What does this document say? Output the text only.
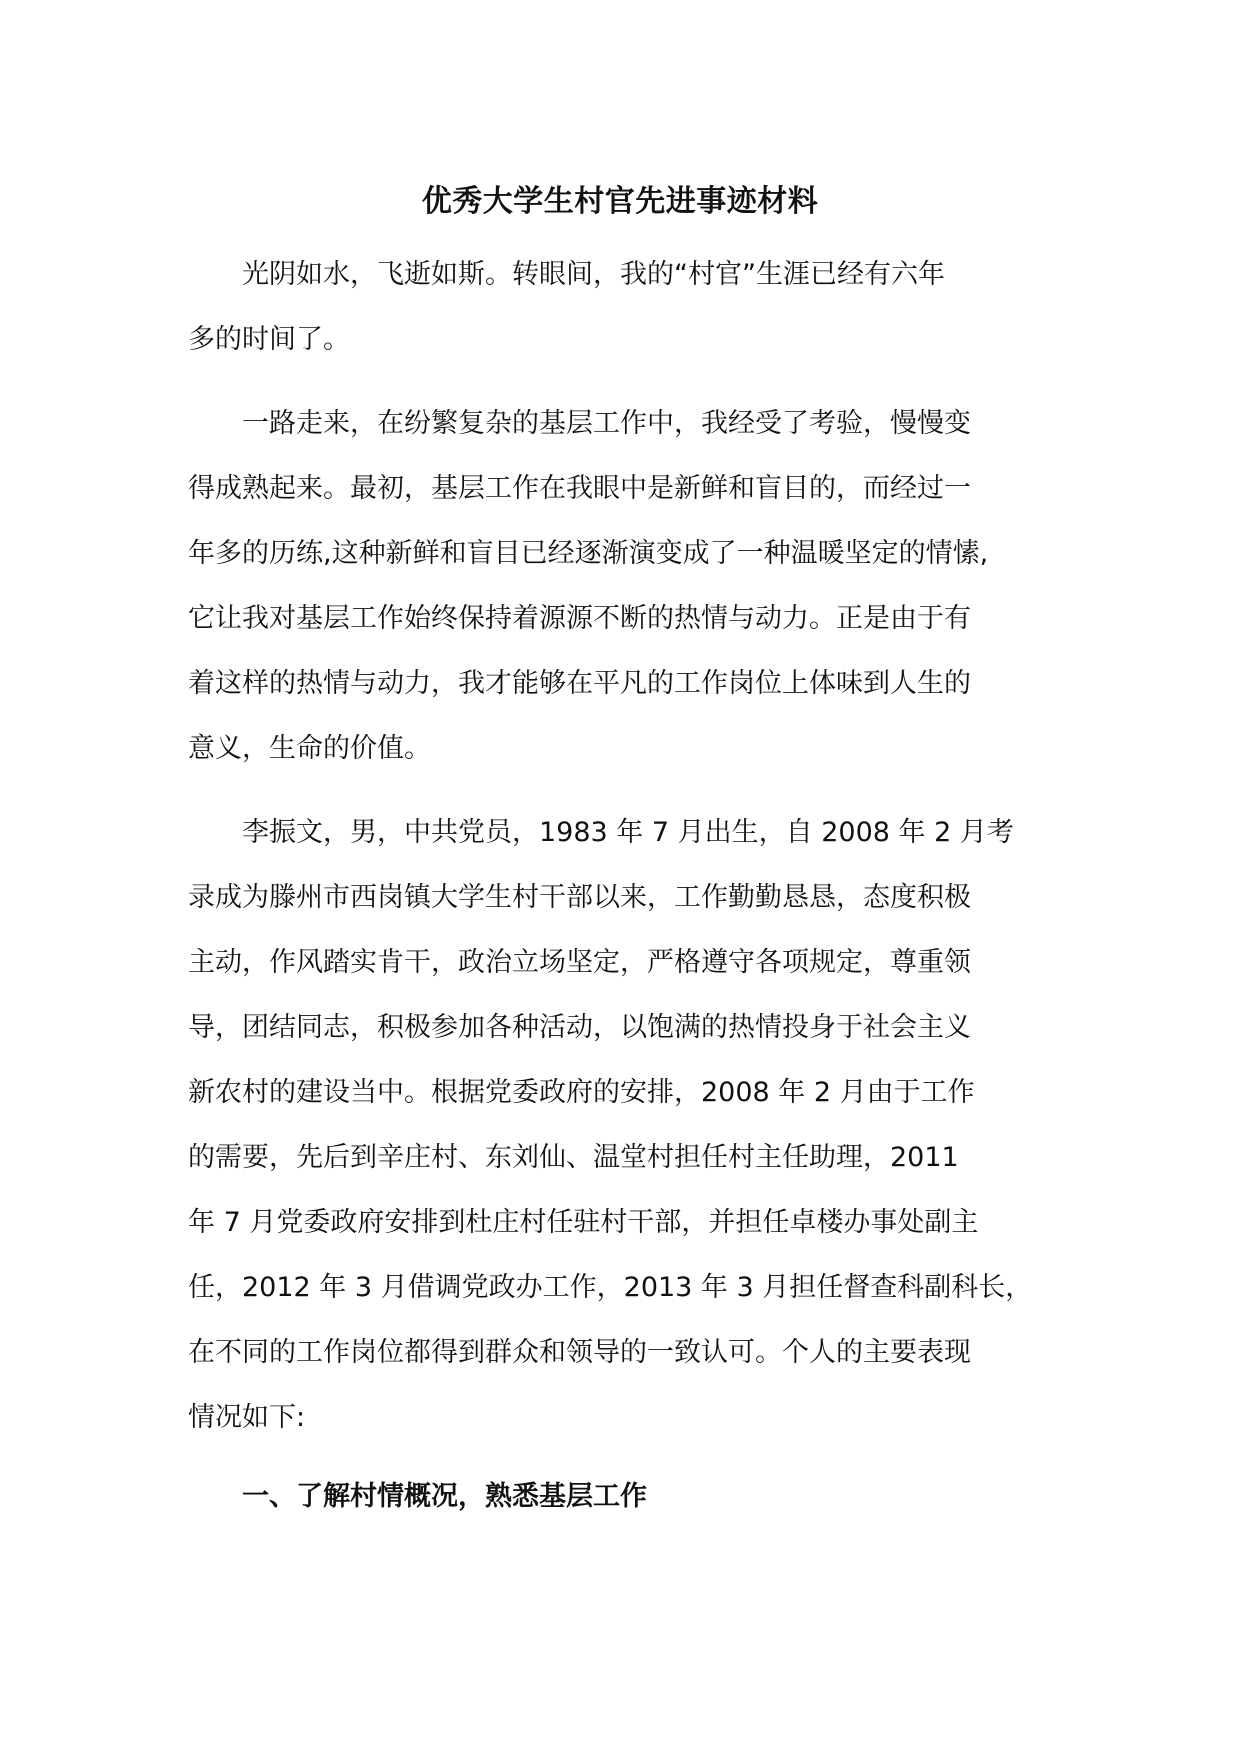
优秀大学生村官先进事迹材料
光阴如水，飞逝如斯。转眼间，我的“村官”生涯已经有六年
多的时间了。
一路走来，在纷繁复杂的基层工作中，我经受了考验，慢慢变
得成熟起来。最初，基层工作在我眼中是新鲜和盲目的，而经过一
年多的历练,这种新鲜和盲目已经逐渐演变成了一种温暖坚定的情愫,
它让我对基层工作始终保持着源源不断的热情与动力。正是由于有
着这样的热情与动力，我才能够在平凡的工作岗位上体味到人生的
意义，生命的价值。
李振文，男，中共党员，1983 年 7 月出生，自 2008 年 2 月考
录成为滕州市西岗镇大学生村干部以来，工作勤勤恳恳，态度积极
主动，作风踏实肯干，政治立场坚定，严格遵守各项规定，尊重领
导，团结同志，积极参加各种活动，以饱满的热情投身于社会主义
新农村的建设当中。根据党委政府的安排，2008 年 2 月由于工作
的需要，先后到辛庄村、东刘仙、温堂村担任村主任助理，2011
年 7 月党委政府安排到杜庄村任驻村干部，并担任卓楼办事处副主
任，2012 年 3 月借调党政办工作，2013 年 3 月担任督查科副科长，
在不同的工作岗位都得到群众和领导的一致认可。个人的主要表现
情况如下:
一、了解村情概况，熟悉基层工作
